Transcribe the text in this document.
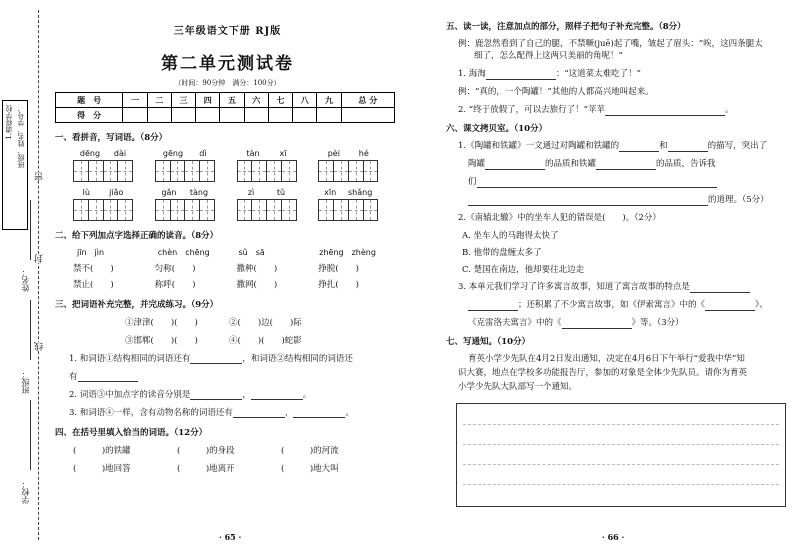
1.请将学校 班级、姓名、学号、
密
封
线
姓名：
班级：
学校：
三年级语文下册 RJ版
第二单元测试卷
（时间：90分钟　满分：100分）
题　号	一	二	三	四	五	六	七	八	九	总 分
得　分										
一、看拼音，写词语。（8分）
dēng dài	gēng dì	tàn xī	pèi hé
lù jiǎo	gǎn tàng	zì	tǔ	xīn shǎng
二、给下列加点字选择正确的读音。（8分）
jīn　jìn	chèn　chēng	sǔ　sā	zhēng　zhèng
禁不(　　)	匀称(　　)	撒种(　　)	挣脱(　　)
禁止(　　)	称呼(　　)	撒网(　　)	挣扎(　　)
三、把词语补充完整，并完成练习。（9分）
①津津(　　)(　　)	②(　　)边(　　)际
③邯郸(　　)(　　)	④(　　)(　　)蛇影
1. 和词语①结构相同的词语还有	，和词语②结构相同的词语还
有
2. 词语③中加点字的读音分别是	，	。
3. 和词语④一样，含有动物名称的词语还有	，	。
四、在括号里填入恰当的词语。（12分）
(　　　)的铁罐	(　　　)的身段	(　　　)的河流
(　　　)地回答	(　　　)地离开	(　　　)地大叫
· 65 ·
五、读一读，注意加点的部分，照样子把句子补充完整。（8分）
例：鹿忽然看到了自己的腿，不禁噘(juē)起了嘴，皱起了眉头：“唉，这四条腿太
细了，怎么配得上这两只美丽的角呢！”
1. 海淘	：“这道菜太难吃了！”
例：“真的，一个陶罐！”其他的人都高兴地叫起来。
2. “终于放假了，可以去旅行了！”苹苹	。
六、课文拷贝室。（10分）
1.《陶罐和铁罐》一文通过对陶罐和铁罐的	和	的描写，突出了
陶罐	的品质和铁罐	的品质，告诉我
们
的道理。（5分）
2.《南辕北辙》中的坐车人犯的错误是(　　)。（2分）
A. 坐车人的马跑得太快了
B. 他带的盘缠太多了
C. 楚国在南边，他却要往北边走
3. 本单元我们学习了许多寓言故事，知道了寓言故事的特点是
；还积累了不少寓言故事，如《伊索寓言》中的《	》、
《克雷洛夫寓言》中的《	》等。（3分）
七、写通知。（10分）
育英小学少先队在4月2日发出通知，决定在4月6日下午举行“爱我中华”知
识大赛，地点在学校多功能报告厅，参加的对象是全体少先队员。请你为育英
小学少先队大队部写一个通知。
· 66 ·
